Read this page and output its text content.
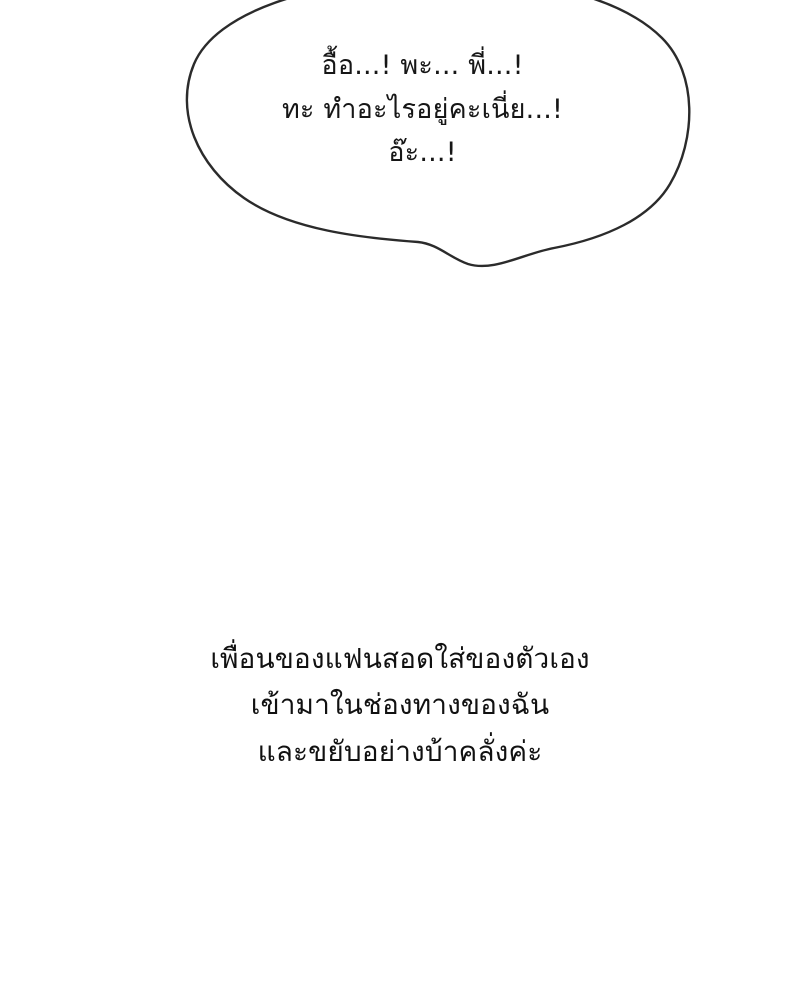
อื้อ...! พะ... พี่...!
ทะ ทำอะไรอยู่คะเนี่ย...!
อ๊ะ...!
เพื่อนของแฟนสอดใส่ของตัวเอง
เข้ามาในช่องทางของฉัน
และขยับอย่างบ้าคลั่งค่ะ
